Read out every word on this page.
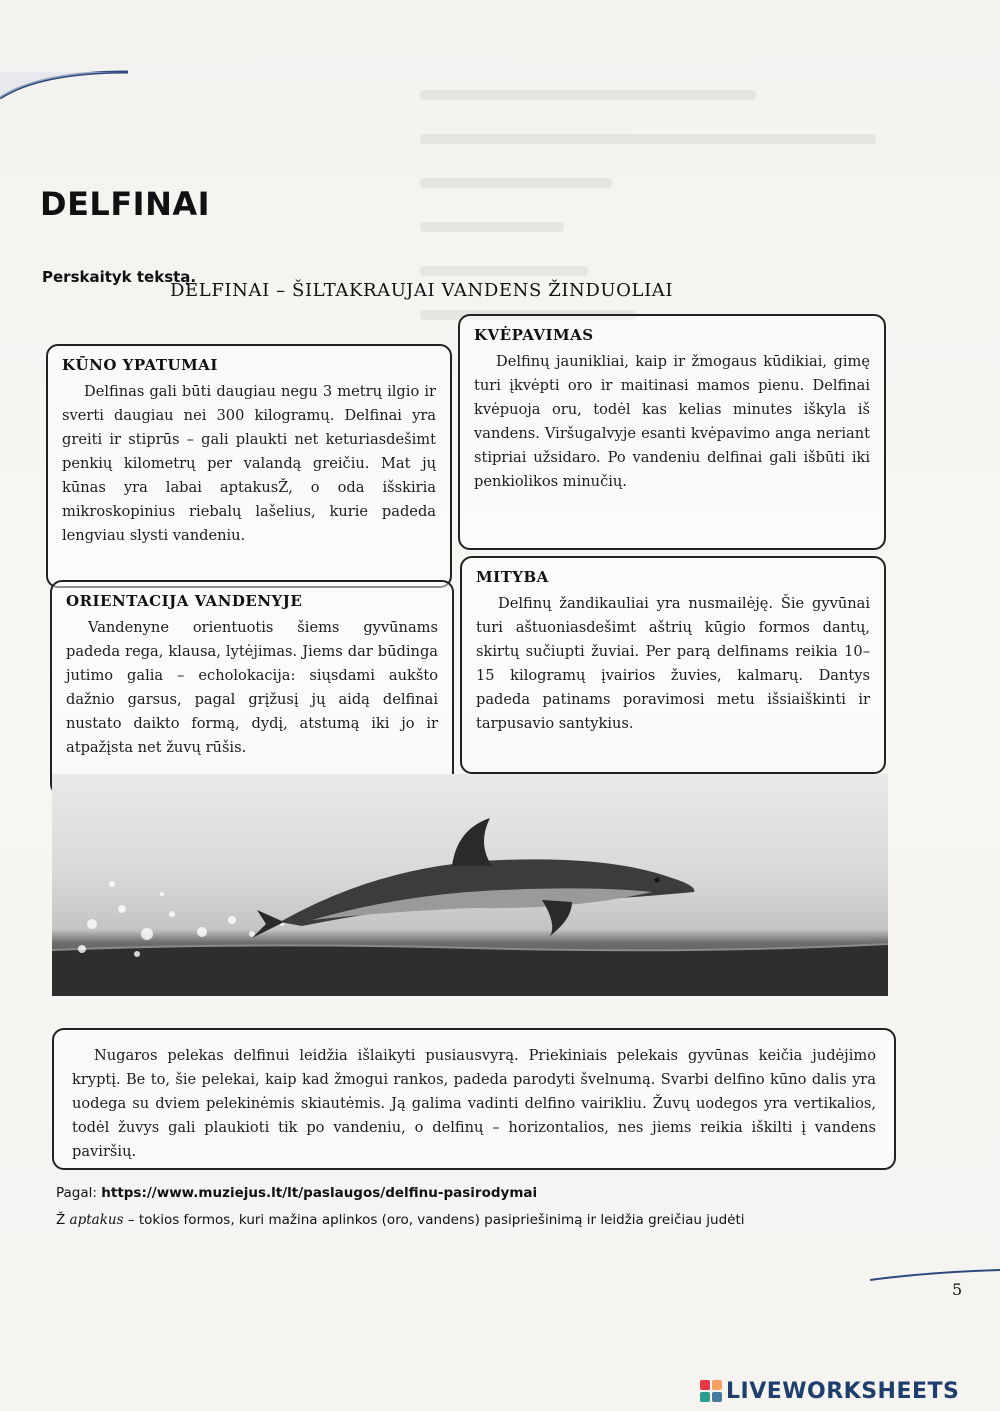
DELFINAI
Perskaityk tekstą.
DELFINAI – ŠILTAKRAUJAI VANDENS ŽINDUOLIAI
KŪNO YPATUMAI

Delfinas gali būti daugiau negu 3 metrų ilgio ir sverti daugiau nei 300 kilogramų. Delfinai yra greiti ir stiprūs – gali plaukti net keturiasdešimt penkių kilometrų per valandą greičiu. Mat jų kūnas yra labai aptakusŽ, o oda išskiria mikroskopinius riebalų lašelius, kurie padeda lengviau slysti vandeniu.

KVĖPAVIMAS

Delfinų jaunikliai, kaip ir žmogaus kūdikiai, gimę turi įkvėpti oro ir maitinasi mamos pienu. Delfinai kvėpuoja oru, todėl kas kelias minutes iškyla iš vandens. Viršugalvyje esanti kvėpavimo anga neriant stipriai užsidaro. Po vandeniu delfinai gali išbūti iki penkiolikos minučių.

ORIENTACIJA VANDENYJE

Vandenyne orientuotis šiems gyvūnams padeda rega, klausa, lytėjimas. Jiems dar būdinga jutimo galia – echolokacija: siųsdami aukšto dažnio garsus, pagal grįžusį jų aidą delfinai nustato daikto formą, dydį, atstumą iki jo ir atpažįsta net žuvų rūšis.

MITYBA

Delfinų žandikauliai yra nusmailėję. Šie gyvūnai turi aštuoniasdešimt aštrių kūgio formos dantų, skirtų sučiupti žuviai. Per parą delfinams reikia 10–15 kilogramų įvairios žuvies, kalmarų. Dantys padeda patinams poravimosi metu išsiaiškinti ir tarpusavio santykius.

Nugaros pelekas delfinui leidžia išlaikyti pusiausvyrą. Priekiniais pelekais gyvūnas keičia judėjimo kryptį. Be to, šie pelekai, kaip kad žmogui rankos, padeda parodyti švelnumą. Svarbi delfino kūno dalis yra uodega su dviem pelekinėmis skiautėmis. Ją galima vadinti delfino vairikliu. Žuvų uodegos yra vertikalios, todėl žuvys gali plaukioti tik po vandeniu, o delfinų – horizontalios, nes jiems reikia iškilti į vandens paviršių.

Pagal: https://www.muziejus.lt/lt/paslaugos/delfinu-pasirodymai
Ž aptakus – tokios formos, kuri mažina aplinkos (oro, vandens) pasipriešinimą ir leidžia greičiau judėti
5
LIVEWORKSHEETS
